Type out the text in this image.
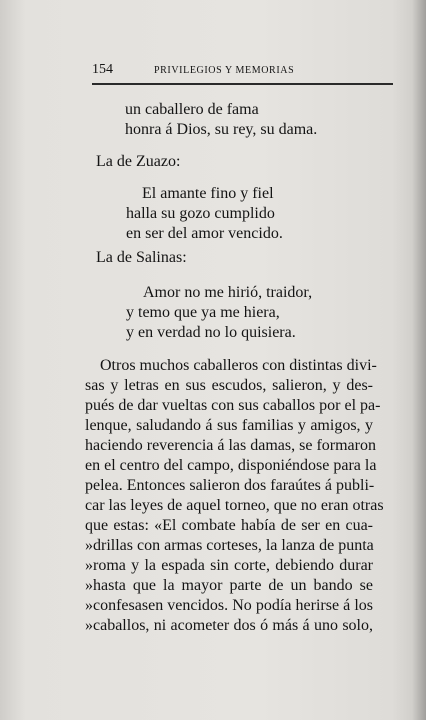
154	PRIVILEGIOS Y MEMORIAS
un caballero de fama
honra á Dios, su rey, su dama.
La de Zuazo:
El amante fino y fiel
halla su gozo cumplido
en ser del amor vencido.
La de Salinas:
Amor no me hirió, traidor,
y temo que ya me hiera,
y en verdad no lo quisiera.
Otros muchos caballeros con distintas divi-
sas y letras en sus escudos, salieron, y des-
pués de dar vueltas con sus caballos por el pa-
lenque, saludando á sus familias y amigos, y
haciendo reverencia á las damas, se formaron
en el centro del campo, disponiéndose para la
pelea. Entonces salieron dos faraútes á publi-
car las leyes de aquel torneo, que no eran otras
que estas: «El combate había de ser en cua-
»drillas con armas corteses, la lanza de punta
»roma y la espada sin corte, debiendo durar
»hasta que la mayor parte de un bando se
»confesasen vencidos. No podía herirse á los
»caballos, ni acometer dos ó más á uno solo,
